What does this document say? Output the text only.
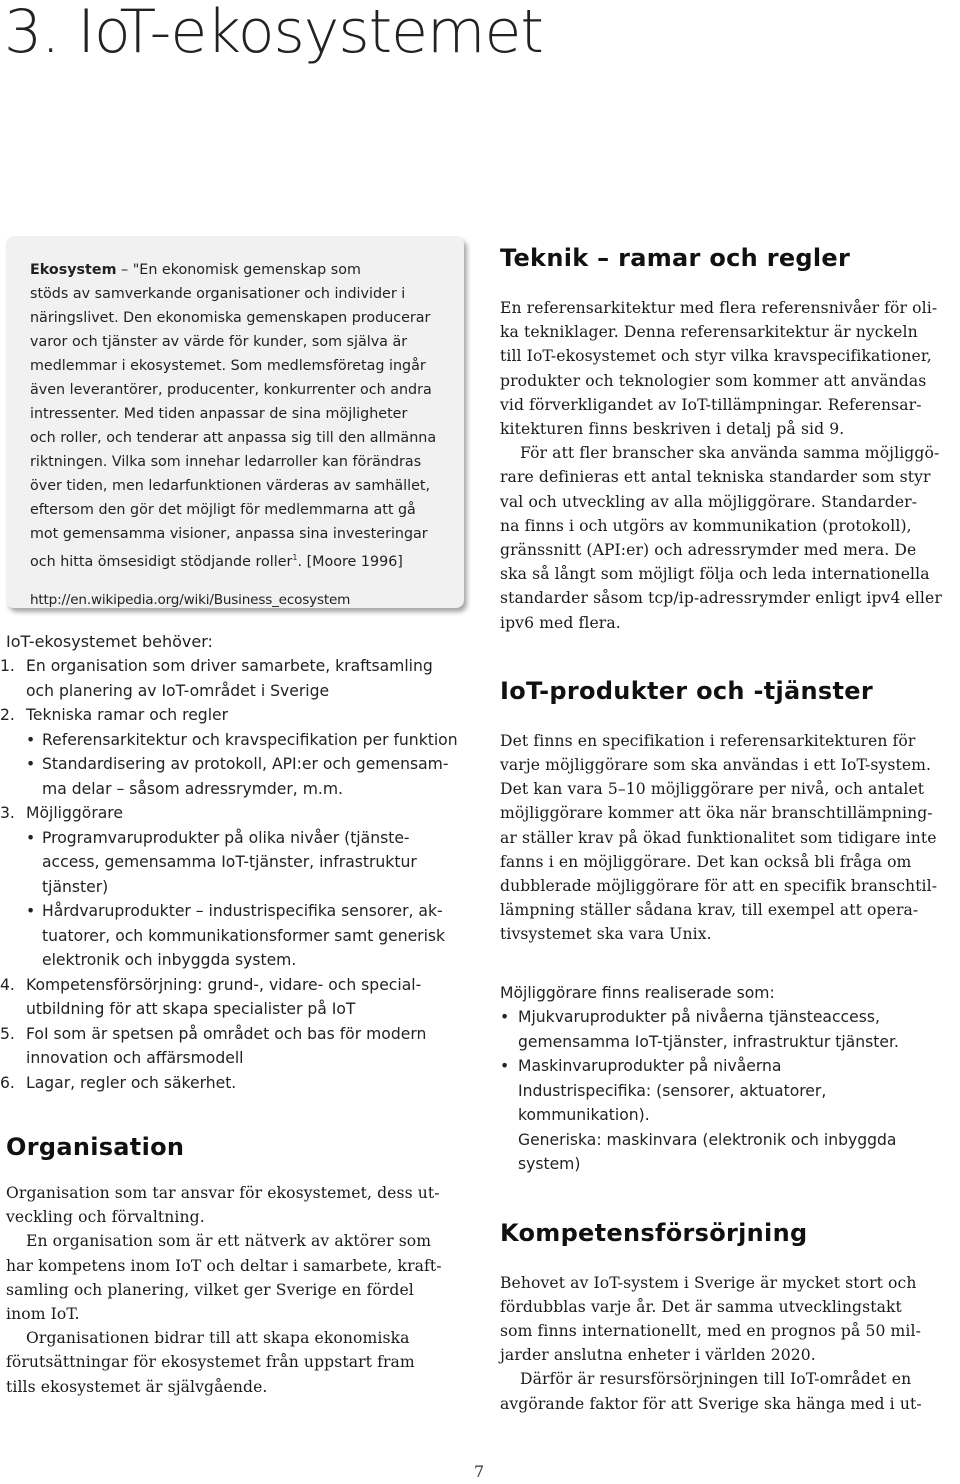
3. IoT-ekosystemet

Ekosystem – "En ekonomisk gemenskap som
stöds av samverkande organisationer och individer i
näringslivet. Den ekonomiska gemenskapen producerar
varor och tjänster av värde för kunder, som själva är
medlemmar i ekosystemet. Som medlemsföretag ingår
även leverantörer, producenter, konkurrenter och andra
intressenter. Med tiden anpassar de sina möjligheter
och roller, och tenderar att anpassa sig till den allmänna
riktningen. Vilka som innehar ledarroller kan förändras
över tiden, men ledarfunktionen värderas av samhället,
eftersom den gör det möjligt för medlemmarna att gå
mot gemensamma visioner, anpassa sina investeringar
och hitta ömsesidigt stödjande roller$^1$. [Moore 1996]

http://en.wikipedia.org/wiki/Business_ecosystem

IoT-ekosystemet behöver:
1. En organisation som driver samarbete, kraftsamling
och planering av IoT-området i Sverige
2. Tekniska ramar och regler
• Referensarkitektur och kravspecifikation per funktion
• Standardisering av protokoll, API:er och gemensam-
ma delar – såsom adressrymder, m.m.
3. Möjliggörare
• Programvaruprodukter på olika nivåer (tjänste-
access, gemensamma IoT-tjänster, infrastruktur
tjänster)
• Hårdvaruprodukter – industrispecifika sensorer, ak-
tuatorer, och kommunikationsformer samt generisk
elektronik och inbyggda system.
4. Kompetensförsörjning: grund-, vidare- och special-
utbildning för att skapa specialister på IoT
5. FoI som är spetsen på området och bas för modern
innovation och affärsmodell
6. Lagar, regler och säkerhet.
Organisation

Organisation som tar ansvar för ekosystemet, dess ut-
veckling och förvaltning.

En organisation som är ett nätverk av aktörer som
har kompetens inom IoT och deltar i samarbete, kraft-
samling och planering, vilket ger Sverige en fördel
inom IoT.

Organisationen bidrar till att skapa ekonomiska
förutsättningar för ekosystemet från uppstart fram
tills ekosystemet är självgående.

Teknik – ramar och regler

En referensarkitektur med flera referensnivåer för oli-
ka tekniklager. Denna referensarkitektur är nyckeln
till IoT-ekosystemet och styr vilka kravspecifikationer,
produkter och teknologier som kommer att användas
vid förverkligandet av IoT-tillämpningar. Referensar-
kitekturen finns beskriven i detalj på sid 9.

För att fler branscher ska använda samma möjliggö-
rare definieras ett antal tekniska standarder som styr
val och utveckling av alla möjliggörare. Standarder-
na finns i och utgörs av kommunikation (protokoll),
gränssnitt (API:er) och adressrymder med mera. De
ska så långt som möjligt följa och leda internationella
standarder såsom tcp/ip-adressrymder enligt ipv4 eller
ipv6 med flera.

IoT-produkter och -tjänster

Det finns en specifikation i referensarkitekturen för
varje möjliggörare som ska användas i ett IoT-system.
Det kan vara 5–10 möjliggörare per nivå, och antalet
möjliggörare kommer att öka när branschtillämpning-
ar ställer krav på ökad funktionalitet som tidigare inte
fanns i en möjliggörare. Det kan också bli fråga om
dubblerade möjliggörare för att en specifik branschtil-
lämpning ställer sådana krav, till exempel att opera-
tivsystemet ska vara Unix.

Möjliggörare finns realiserade som:
• Mjukvaruprodukter på nivåerna tjänsteaccess,
gemensamma IoT-tjänster, infrastruktur tjänster.
• Maskinvaruprodukter på nivåerna
Industrispecifika: (sensorer, aktuatorer,
kommunikation).
Generiska: maskinvara (elektronik och inbyggda
system)
Kompetensförsörjning

Behovet av IoT-system i Sverige är mycket stort och
fördubblas varje år. Det är samma utvecklingstakt
som finns internationellt, med en prognos på 50 mil-
jarder anslutna enheter i världen 2020.

Därför är resursförsörjningen till IoT-området en
avgörande faktor för att Sverige ska hänga med i ut-

7
